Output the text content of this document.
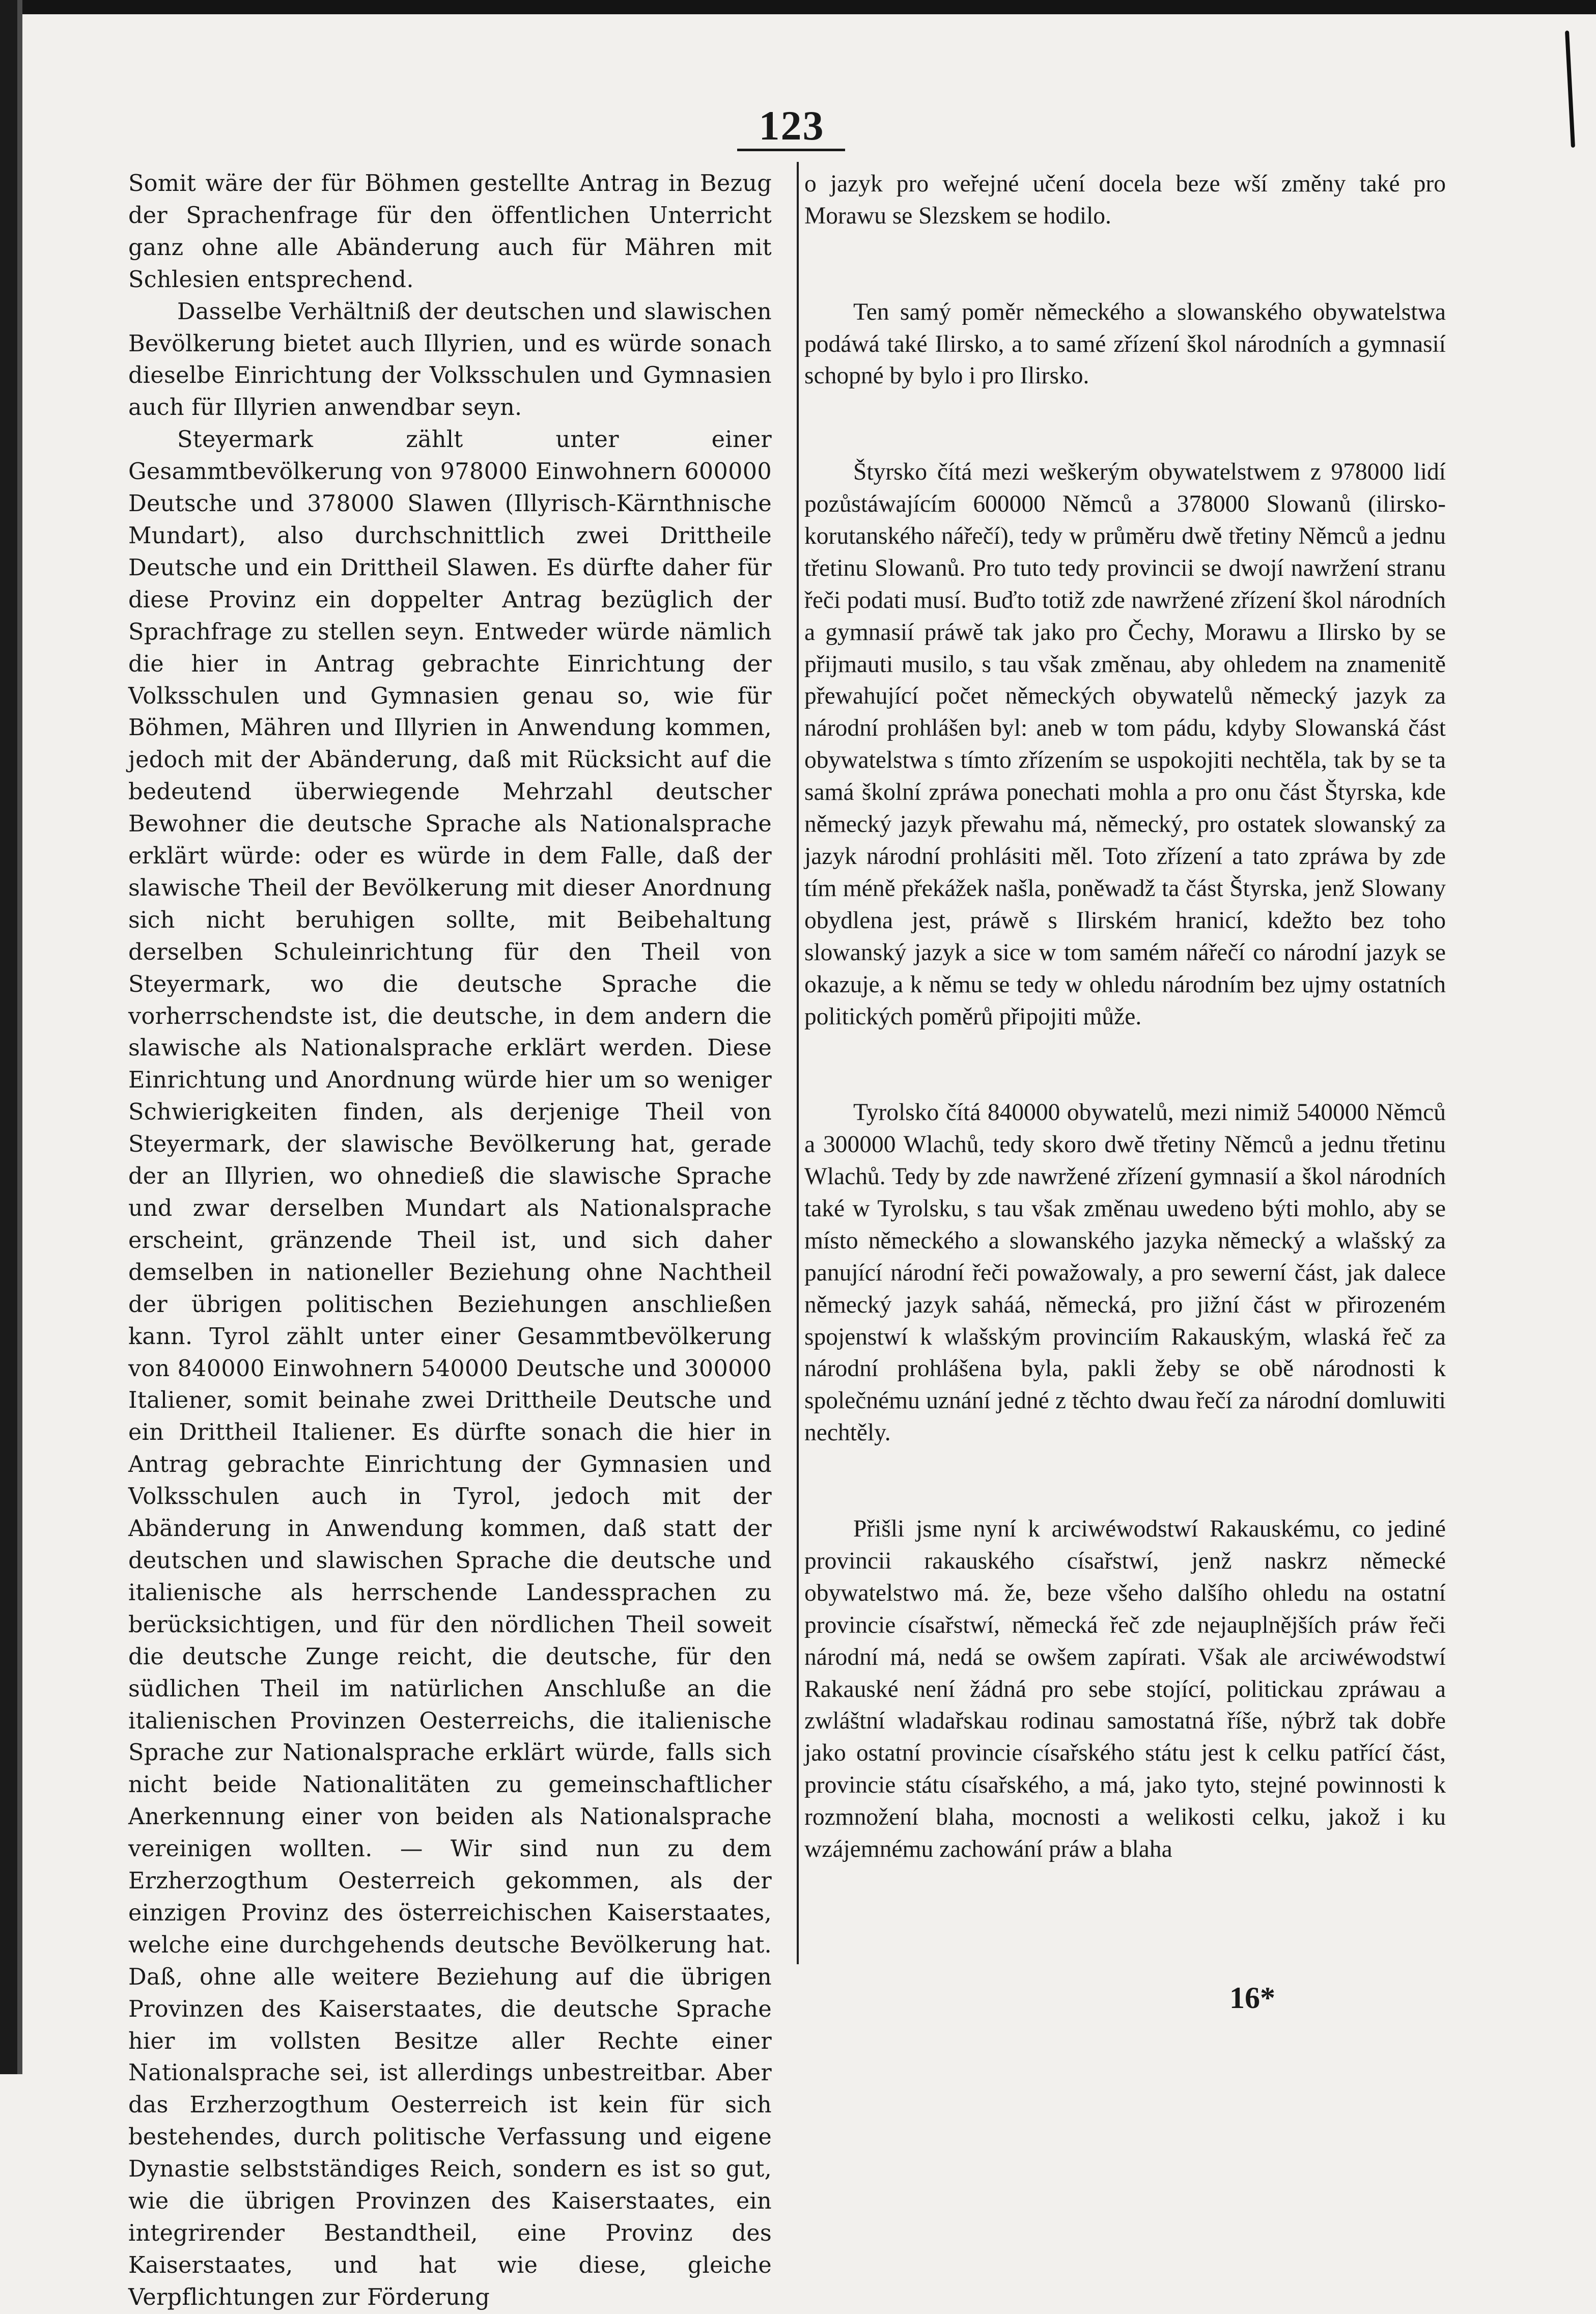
123

Somit wäre der für Böhmen gestellte Antrag in Bezug der Sprachenfrage für den öffentlichen Unterricht ganz ohne alle Abänderung auch für Mähren mit Schlesien entsprechend.

Dasselbe Verhältniß der deutschen und slawischen Bevölkerung bietet auch Illyrien, und es würde sonach dieselbe Einrichtung der Volksschulen und Gymnasien auch für Illyrien anwendbar seyn.

Steyermark zählt unter einer Gesammtbevölkerung von 978000 Einwohnern 600000 Deutsche und 378000 Slawen (Illyrisch-Kärnthnische Mundart), also durchschnittlich zwei Drittheile Deutsche und ein Drittheil Slawen. Es dürfte daher für diese Provinz ein doppelter Antrag bezüglich der Sprachfrage zu stellen seyn. Entweder würde nämlich die hier in Antrag gebrachte Einrichtung der Volksschulen und Gymnasien genau so, wie für Böhmen, Mähren und Illyrien in Anwendung kommen, jedoch mit der Abänderung, daß mit Rücksicht auf die bedeutend überwiegende Mehrzahl deutscher Bewohner die deutsche Sprache als Nationalsprache erklärt würde: oder es würde in dem Falle, daß der slawische Theil der Bevölkerung mit dieser Anordnung sich nicht beruhigen sollte, mit Beibehaltung derselben Schuleinrichtung für den Theil von Steyermark, wo die deutsche Sprache die vorherrschendste ist, die deutsche, in dem andern die slawische als Nationalsprache erklärt werden. Diese Einrichtung und Anordnung würde hier um so weniger Schwierigkeiten finden, als derjenige Theil von Steyermark, der slawische Bevölkerung hat, gerade der an Illyrien, wo ohnedieß die slawische Sprache und zwar derselben Mundart als Nationalsprache erscheint, gränzende Theil ist, und sich daher demselben in nationeller Beziehung ohne Nachtheil der übrigen politischen Beziehungen anschließen kann. Tyrol zählt unter einer Gesammtbevölkerung von 840000 Einwohnern 540000 Deutsche und 300000 Italiener, somit beinahe zwei Drittheile Deutsche und ein Drittheil Italiener. Es dürfte sonach die hier in Antrag gebrachte Einrichtung der Gymnasien und Volksschulen auch in Tyrol, jedoch mit der Abänderung in Anwendung kommen, daß statt der deutschen und slawischen Sprache die deutsche und italienische als herrschende Landessprachen zu berücksichtigen, und für den nördlichen Theil soweit die deutsche Zunge reicht, die deutsche, für den südlichen Theil im natürlichen Anschluße an die italienischen Provinzen Oesterreichs, die italienische Sprache zur Nationalsprache erklärt würde, falls sich nicht beide Nationalitäten zu gemeinschaftlicher Anerkennung einer von beiden als Nationalsprache vereinigen wollten. — Wir sind nun zu dem Erzherzogthum Oesterreich gekommen, als der einzigen Provinz des österreichischen Kaiserstaates, welche eine durchgehends deutsche Bevölkerung hat. Daß, ohne alle weitere Beziehung auf die übrigen Provinzen des Kaiserstaates, die deutsche Sprache hier im vollsten Besitze aller Rechte einer Nationalsprache sei, ist allerdings unbestreitbar. Aber das Erzherzogthum Oesterreich ist kein für sich bestehendes, durch politische Verfassung und eigene Dynastie selbstständiges Reich, sondern es ist so gut, wie die übrigen Provinzen des Kaiserstaates, ein integrirender Bestandtheil, eine Provinz des Kaiserstaates, und hat wie diese, gleiche Verpflichtungen zur Förderung

o jazyk pro weřejné učení docela beze wší změny také pro Morawu se Slezskem se hodilo.

Ten samý poměr německého a slowanského obywatelstwa podáwá také Ilirsko, a to samé zřízení škol národních a gymnasií schopné by bylo i pro Ilirsko.

Štyrsko čítá mezi weškerým obywatelstwem z 978000 lidí pozůstáwajícím 600000 Němců a 378000 Slowanů (ilirsko-korutanského nářečí), tedy w průměru dwě třetiny Němců a jednu třetinu Slowanů. Pro tuto tedy provincii se dwojí nawržení stranu řeči podati musí. Buďto totiž zde nawržené zřízení škol národních a gymnasií práwě tak jako pro Čechy, Morawu a Ilirsko by se přijmauti musilo, s tau však změnau, aby ohledem na znamenitě přewahující počet německých obywatelů německý jazyk za národní prohlášen byl: aneb w tom pádu, kdyby Slowanská část obywatelstwa s tímto zřízením se uspokojiti nechtěla, tak by se ta samá školní zpráwa ponechati mohla a pro onu část Štyrska, kde německý jazyk přewahu má, německý, pro ostatek slowanský za jazyk národní prohlásiti měl. Toto zřízení a tato zpráwa by zde tím méně překážek našla, poněwadž ta část Štyrska, jenž Slowany obydlena jest, práwě s Ilirském hranicí, kdežto bez toho slowanský jazyk a sice w tom samém nářečí co národní jazyk se okazuje, a k němu se tedy w ohledu národním bez ujmy ostatních politických poměrů připojiti může.

Tyrolsko čítá 840000 obywatelů, mezi nimiž 540000 Němců a 300000 Wlachů, tedy skoro dwě třetiny Němců a jednu třetinu Wlachů. Tedy by zde nawržené zřízení gymnasií a škol národních také w Tyrolsku, s tau však změnau uwedeno býti mohlo, aby se místo německého a slowanského jazyka německý a wlašský za panující národní řeči powažowaly, a pro sewerní část, jak dalece německý jazyk saháá, německá, pro jižní část w přirozeném spojenstwí k wlašským provinciím Rakauským, wlaská řeč za národní prohlášena byla, pakli žeby se obě národnosti k společnému uznání jedné z těchto dwau řečí za národní domluwiti nechtěly.

Přišli jsme nyní k arciwéwodstwí Rakauskému, co jediné provincii rakauského císařstwí, jenž naskrz německé obywatelstwo má. že, beze všeho dalšího ohledu na ostatní provincie císařstwí, německá řeč zde nejauplnějších práw řeči národní má, nedá se owšem zapírati. Však ale arciwéwodstwí Rakauské není žádná pro sebe stojící, politickau zpráwau a zwláštní wladařskau rodinau samostatná říše, nýbrž tak dobře jako ostatní provincie císařského státu jest k celku patřící část, provincie státu císařského, a má, jako tyto, stejné powinnosti k rozmnožení blaha, mocnosti a welikosti celku, jakož i ku wzájemnému zachowání práw a blaha

16*
